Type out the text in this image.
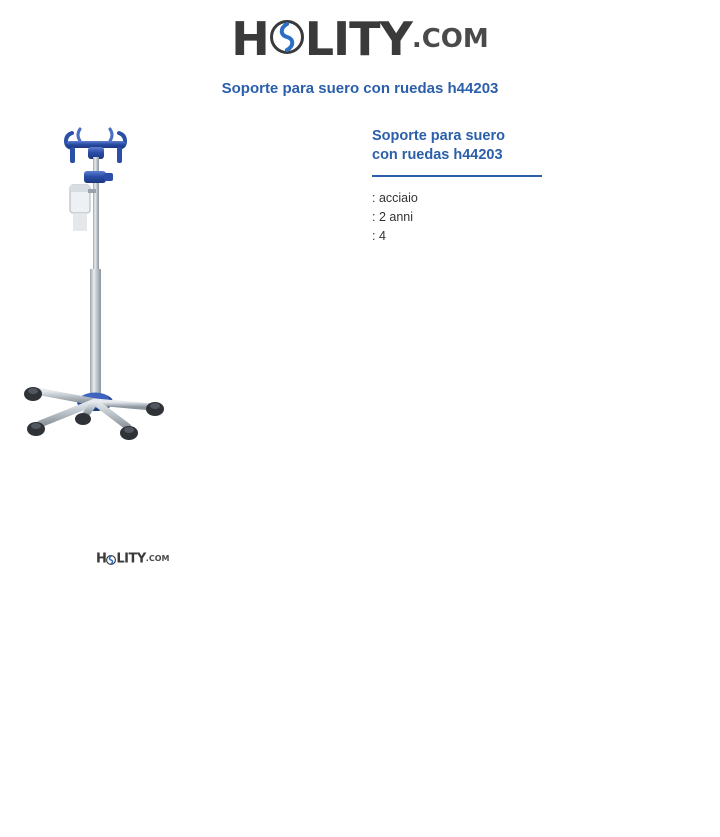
H LITY.COM
Soporte para suero con ruedas h44203
H LITY.COM
Soporte para suero
con ruedas h44203
: acciaio
: 2 anni
: 4
